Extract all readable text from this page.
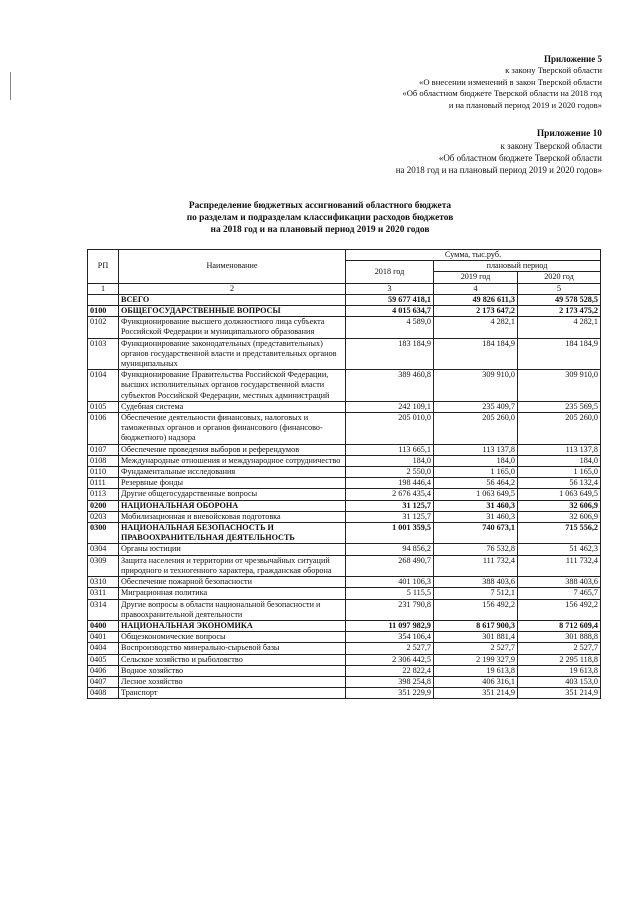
Приложение 5
к закону Тверской области
«О внесении изменений в закон Тверской области
«Об областном бюджете Тверской области на 2018 год
и на плановый период 2019 и 2020 годов»
Приложение 10
к закону Тверской области
«Об областном бюджете Тверской области
на 2018 год и на плановый период 2019 и 2020 годов»
Распределение бюджетных ассигнований областного бюджета
по разделам и подразделам классификации расходов бюджетов
на 2018 год и на плановый период 2019 и 2020 годов
РП	Наименование	Сумма, тыс.руб.		
		2018 год	плановый период	
			2019 год	2020 год
1	2	3	4	5
	ВСЕГО	59 677 418,1	49 826 611,3	49 578 528,5
0100	ОБЩЕГОСУДАРСТВЕННЫЕ ВОПРОСЫ	4 015 634,7	2 173 647,2	2 173 475,2
0102	Функционирование высшего должностного лица субъекта Российской Федерации и муниципального образования	4 589,0	4 282,1	4 282,1
0103	Функционирование законодательных (представительных) органов государственной власти и представительных органов муниципальных	183 184,9	184 184,9	184 184,9
0104	Функционирование Правительства Российской Федерации, высших исполнительных органов государственной власти субъектов Российской Федерации, местных администраций	389 460,8	309 910,0	309 910,0
0105	Судебная система	242 109,1	235 409,7	235 569,5
0106	Обеспечение деятельности финансовых, налоговых и таможенных органов и органов финансового (финансово-бюджетного) надзора	205 010,0	205 260,0	205 260,0
0107	Обеспечение проведения выборов и референдумов	113 665,1	113 137,8	113 137,8
0108	Международные отношения и международное сотрудничество	184,0	184,0	184,0
0110	Фундаментальные исследования	2 550,0	1 165,0	1 165,0
0111	Резервные фонды	198 446,4	56 464,2	56 132,4
0113	Другие общегосударственные вопросы	2 676 435,4	1 063 649,5	1 063 649,5
0200	НАЦИОНАЛЬНАЯ ОБОРОНА	31 125,7	31 460,3	32 606,9
0203	Мобилизационная и вневойсковая подготовка	31 125,7	31 460,3	32 606,9
0300	НАЦИОНАЛЬНАЯ БЕЗОПАСНОСТЬ И ПРАВООХРАНИТЕЛЬНАЯ ДЕЯТЕЛЬНОСТЬ	1 001 359,5	740 673,1	715 556,2
0304	Органы юстиции	94 856,2	76 532,8	51 462,3
0309	Защита населения и территории от чрезвычайных ситуаций природного и техногенного характера, гражданская оборона	268 490,7	111 732,4	111 732,4
0310	Обеспечение пожарной безопасности	401 106,3	388 403,6	388 403,6
0311	Миграционная политика	5 115,5	7 512,1	7 465,7
0314	Другие вопросы в области национальной безопасности и правоохранительной деятельности	231 790,8	156 492,2	156 492,2
0400	НАЦИОНАЛЬНАЯ ЭКОНОМИКА	11 097 982,9	8 617 900,3	8 712 609,4
0401	Общеэкономические вопросы	354 106,4	301 881,4	301 888,8
0404	Воспроизводство минерально-сырьевой базы	2 527,7	2 527,7	2 527,7
0405	Сельское хозяйство и рыболовство	2 306 442,5	2 199 327,9	2 295 118,8
0406	Водное хозяйство	22 822,4	19 613,8	19 613,8
0407	Лесное хозяйство	398 254,8	406 316,1	403 153,0
0408	Транспорт	351 229,9	351 214,9	351 214,9
